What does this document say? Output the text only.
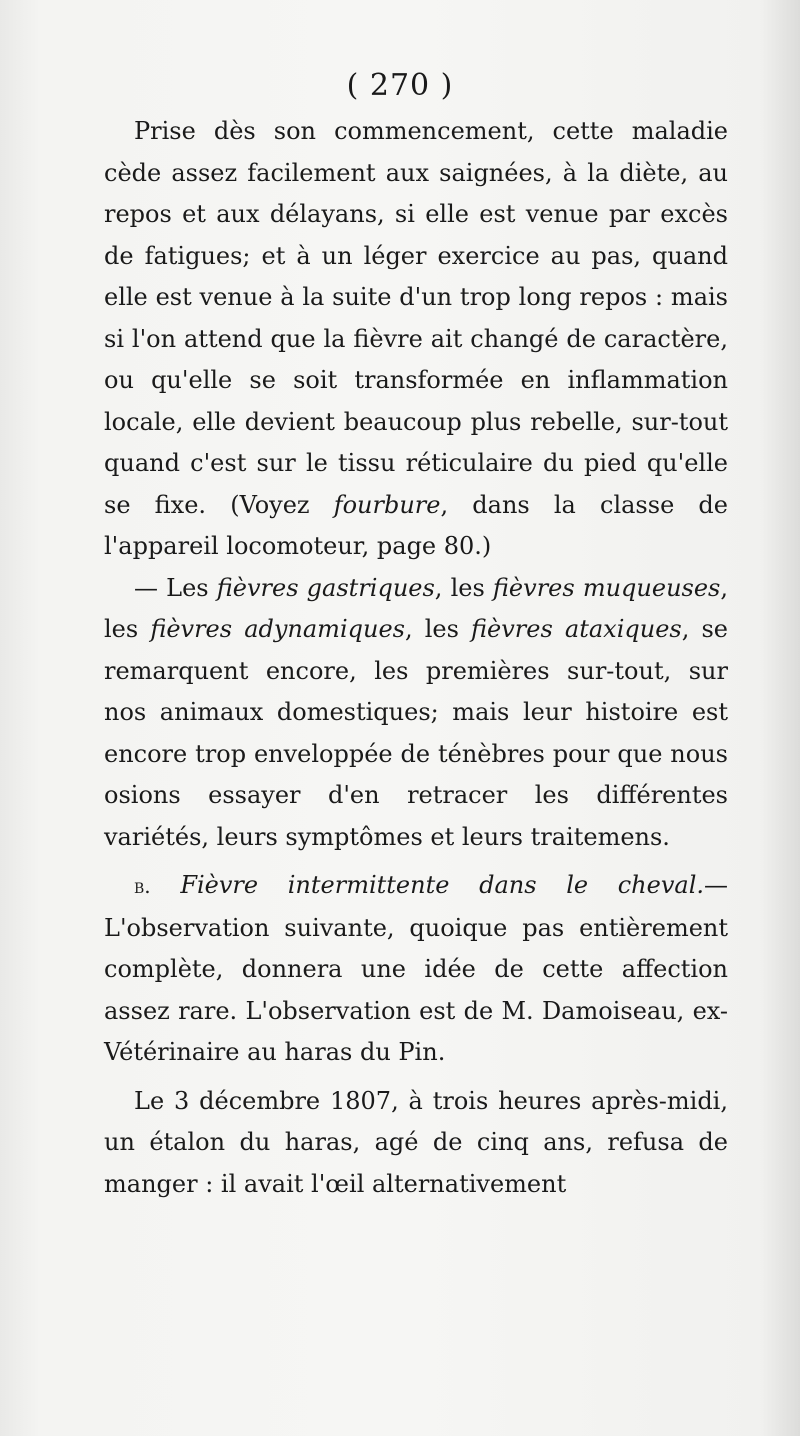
( 270 )

Prise dès son commencement, cette maladie cède assez facilement aux saignées, à la diète, au repos et aux délayans, si elle est venue par excès de fatigues; et à un léger exercice au pas, quand elle est venue à la suite d'un trop long repos : mais si l'on attend que la fièvre ait changé de caractère, ou qu'elle se soit transformée en inflammation locale, elle devient beaucoup plus rebelle, sur-tout quand c'est sur le tissu réticulaire du pied qu'elle se fixe. (Voyez fourbure, dans la classe de l'appareil locomoteur, page 80.)

— Les fièvres gastriques, les fièvres muqueuses, les fièvres adynamiques, les fièvres ataxiques, se remarquent encore, les premières sur-tout, sur nos animaux domestiques; mais leur histoire est encore trop enveloppée de ténèbres pour que nous osions essayer d'en retracer les différentes variétés, leurs symptômes et leurs traitemens.

b. Fièvre intermittente dans le cheval.— L'observation suivante, quoique pas entièrement complète, donnera une idée de cette affection assez rare. L'observation est de M. Damoiseau, ex-Vétérinaire au haras du Pin.

Le 3 décembre 1807, à trois heures après-midi, un étalon du haras, agé de cinq ans, refusa de manger : il avait l'œil alternativement
